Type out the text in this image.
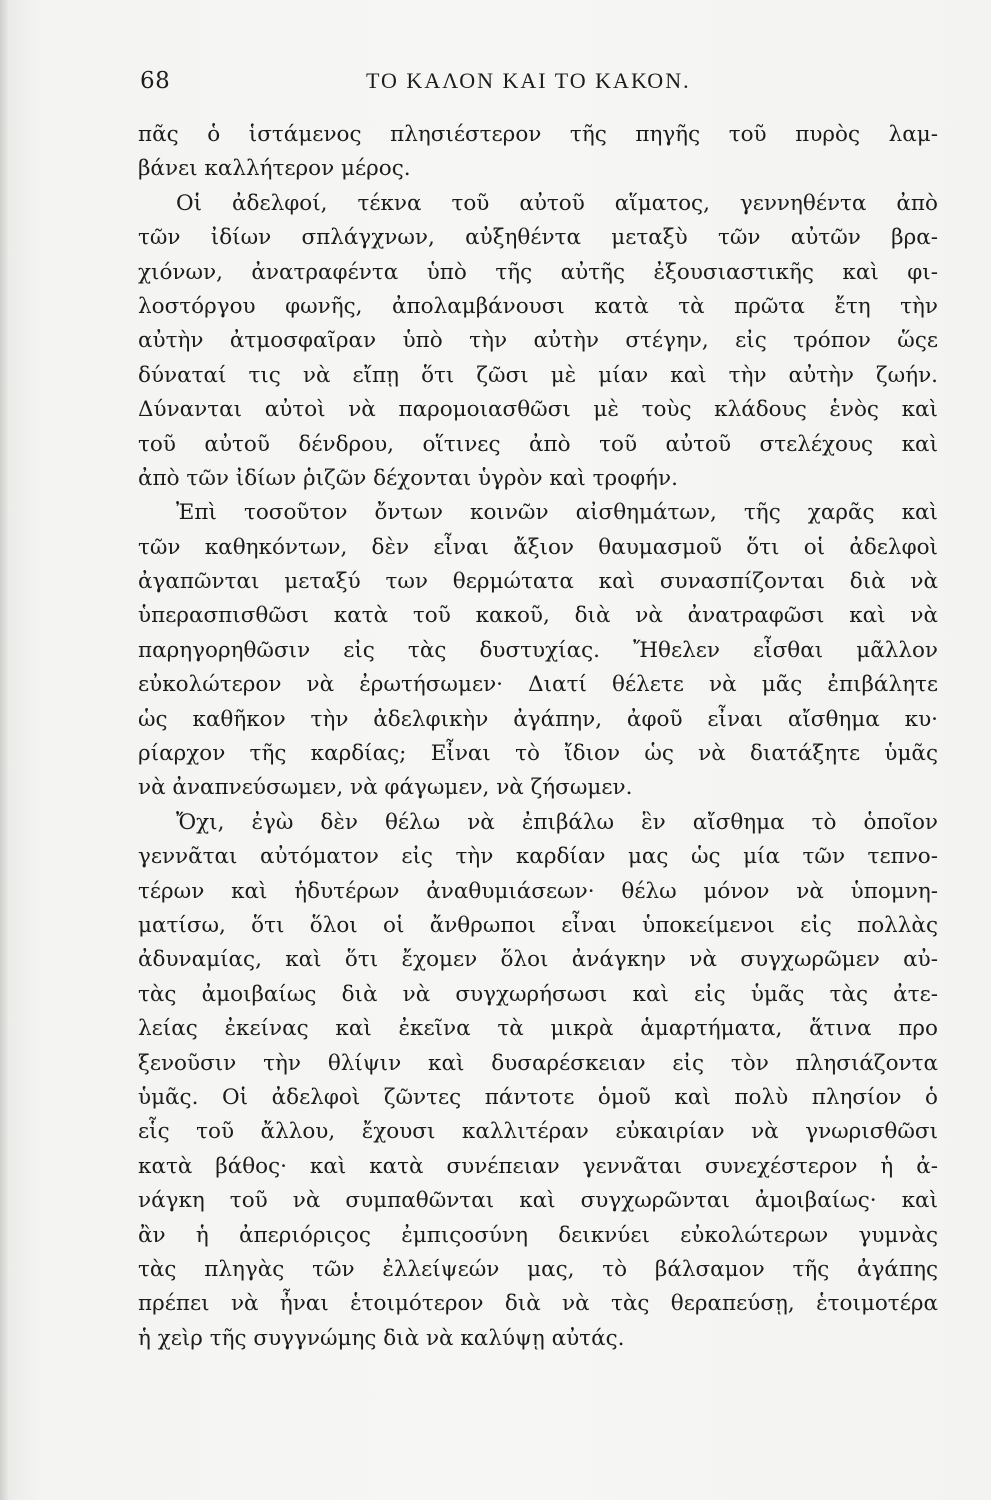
68	ΤΟ ΚΑΛΟΝ ΚΑΙ ΤΟ ΚΑΚΟΝ.
πᾶς ὁ ἱστάμενος πλησιέστερον τῆς πηγῆς τοῦ πυρὸς λαμ-
βάνει καλλήτερον μέρος.
Οἱ ἀδελφοί, τέκνα τοῦ αὐτοῦ αἵματος, γεννηθέντα ἀπὸ
τῶν ἰδίων σπλάγχνων, αὐξηθέντα μεταξὺ τῶν αὐτῶν βρα-
χιόνων, ἀνατραφέντα ὑπὸ τῆς αὐτῆς ἐξουσιαστικῆς καὶ φι-
λοστόργου φωνῆς, ἀπολαμβάνουσι κατὰ τὰ πρῶτα ἔτη τὴν
αὐτὴν ἀτμοσφαῖραν ὑπὸ τὴν αὐτὴν στέγην, εἰς τρόπον ὥςε
δύναταί τις νὰ εἴπῃ ὅτι ζῶσι μὲ μίαν καὶ τὴν αὐτὴν ζωήν.
Δύνανται αὐτοὶ νὰ παρομοιασθῶσι μὲ τοὺς κλάδους ἑνὸς καὶ
τοῦ αὐτοῦ δένδρου, οἵτινες ἀπὸ τοῦ αὐτοῦ στελέχους καὶ
ἀπὸ τῶν ἰδίων ῥιζῶν δέχονται ὑγρὸν καὶ τροφήν.
Ἐπὶ τοσοῦτον ὄντων κοινῶν αἰσθημάτων, τῆς χαρᾶς καὶ
τῶν καθηκόντων, δὲν εἶναι ἄξιον θαυμασμοῦ ὅτι οἱ ἀδελφοὶ
ἀγαπῶνται μεταξύ των θερμώτατα καὶ συνασπίζονται διὰ νὰ
ὑπερασπισθῶσι κατὰ τοῦ κακοῦ, διὰ νὰ ἀνατραφῶσι καὶ νὰ
παρηγορηθῶσιν εἰς τὰς δυστυχίας. Ἤθελεν εἶσθαι μᾶλλον
εὐκολώτερον νὰ ἐρωτήσωμεν· Διατί θέλετε νὰ μᾶς ἐπιβάλητε
ὡς καθῆκον τὴν ἀδελφικὴν ἀγάπην, ἀφοῦ εἶναι αἴσθημα κυ·
ρίαρχον τῆς καρδίας; Εἶναι τὸ ἴδιον ὡς νὰ διατάξητε ὑμᾶς
νὰ ἀναπνεύσωμεν, νὰ φάγωμεν, νὰ ζήσωμεν.
Ὄχι, ἐγὼ δὲν θέλω νὰ ἐπιβάλω ἓν αἴσθημα τὸ ὁποῖον
γεννᾶται αὐτόματον εἰς τὴν καρδίαν μας ὡς μία τῶν τεπνο-
τέρων καὶ ἡδυτέρων ἀναθυμιάσεων· θέλω μόνον νὰ ὑπομνη-
ματίσω, ὅτι ὅλοι οἱ ἄνθρωποι εἶναι ὑποκείμενοι εἰς πολλὰς
ἀδυναμίας, καὶ ὅτι ἔχομεν ὅλοι ἀνάγκην νὰ συγχωρῶμεν αὐ-
τὰς ἀμοιβαίως διὰ νὰ συγχωρήσωσι καὶ εἰς ὑμᾶς τὰς ἀτε-
λείας ἐκείνας καὶ ἐκεῖνα τὰ μικρὰ ἁμαρτήματα, ἅτινα προ
ξενοῦσιν τὴν θλίψιν καὶ δυσαρέσκειαν εἰς τὸν πλησιάζοντα
ὑμᾶς. Οἱ ἀδελφοὶ ζῶντες πάντοτε ὁμοῦ καὶ πολὺ πλησίον ὁ
εἷς τοῦ ἄλλου, ἔχουσι καλλιτέραν εὐκαιρίαν νὰ γνωρισθῶσι
κατὰ βάθος· καὶ κατὰ συνέπειαν γεννᾶται συνεχέστερον ἡ ἀ-
νάγκη τοῦ νὰ συμπαθῶνται καὶ συγχωρῶνται ἀμοιβαίως· καὶ
ἂν ἡ ἀπεριόριςος ἐμπιςοσύνη δεικνύει εὐκολώτερων γυμνὰς
τὰς πληγὰς τῶν ἐλλείψεών μας, τὸ βάλσαμον τῆς ἀγάπης
πρέπει νὰ ἦναι ἑτοιμότερον διὰ νὰ τὰς θεραπεύσῃ, ἑτοιμοτέρα
ἡ χεὶρ τῆς συγγνώμης διὰ νὰ καλύψῃ αὐτάς.
